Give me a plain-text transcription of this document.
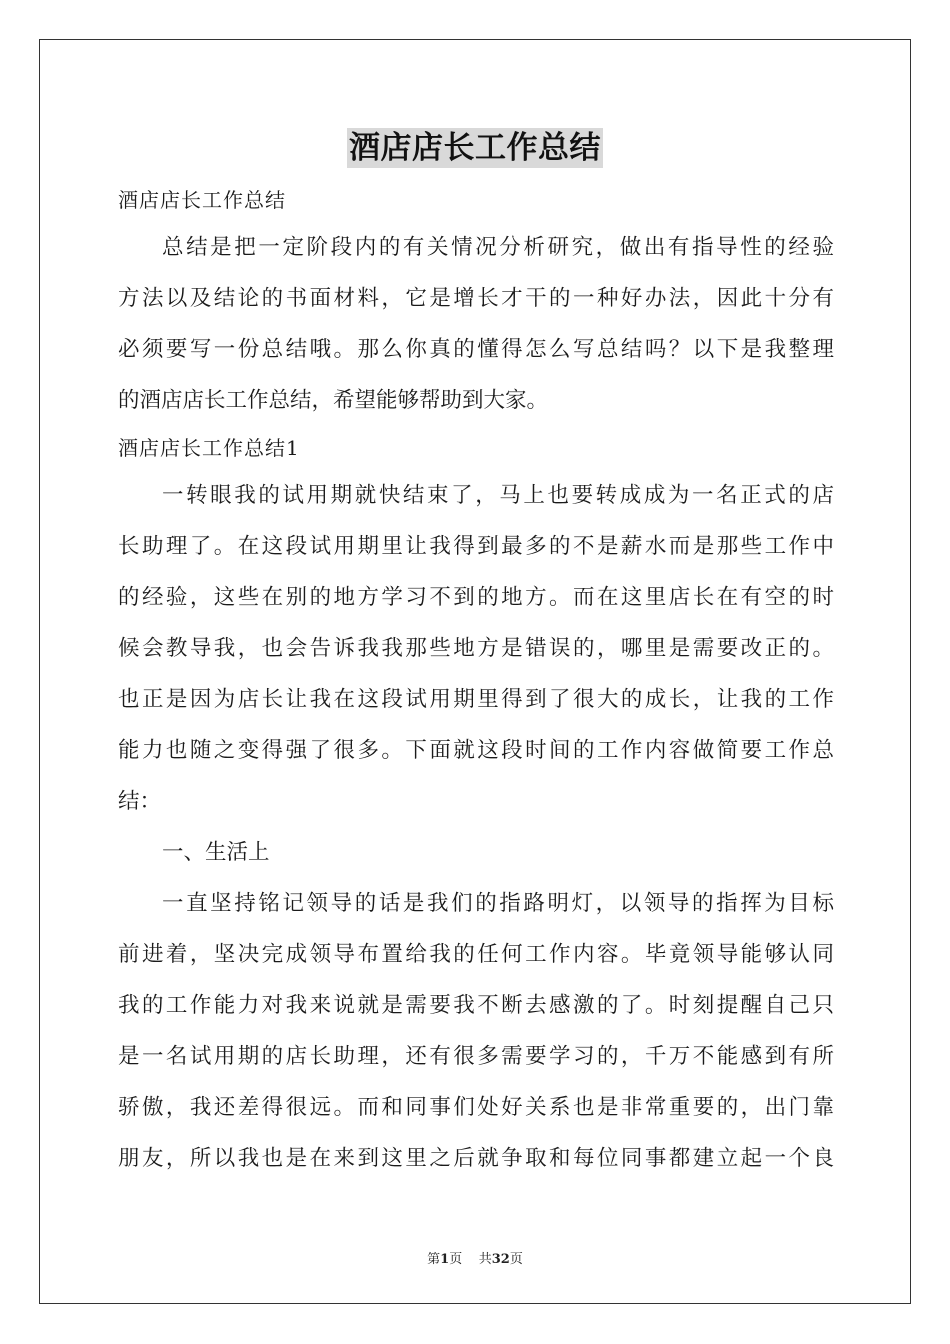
酒店店长工作总结
酒店店长工作总结
总结是把一定阶段内的有关情况分析研究，做出有指导性的经验
方法以及结论的书面材料，它是增长才干的一种好办法，因此十分有
必须要写一份总结哦。那么你真的懂得怎么写总结吗？以下是我整理
的酒店店长工作总结，希望能够帮助到大家。
酒店店长工作总结1
一转眼我的试用期就快结束了，马上也要转成成为一名正式的店
长助理了。在这段试用期里让我得到最多的不是薪水而是那些工作中
的经验，这些在别的地方学习不到的地方。而在这里店长在有空的时
候会教导我，也会告诉我我那些地方是错误的，哪里是需要改正的。
也正是因为店长让我在这段试用期里得到了很大的成长，让我的工作
能力也随之变得强了很多。下面就这段时间的工作内容做简要工作总
结：
一、生活上
一直坚持铭记领导的话是我们的指路明灯，以领导的指挥为目标
前进着，坚决完成领导布置给我的任何工作内容。毕竟领导能够认同
我的工作能力对我来说就是需要我不断去感激的了。时刻提醒自己只
是一名试用期的店长助理，还有很多需要学习的，千万不能感到有所
骄傲，我还差得很远。而和同事们处好关系也是非常重要的，出门靠
朋友，所以我也是在来到这里之后就争取和每位同事都建立起一个良
第1页 共32页
